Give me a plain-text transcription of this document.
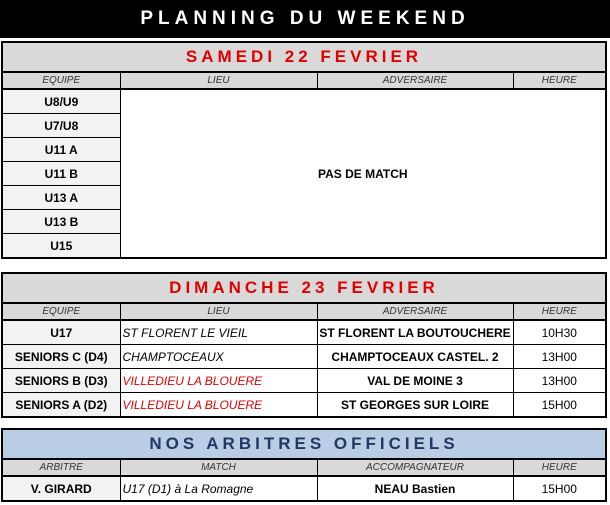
PLANNING DU WEEKEND
SAMEDI 22 FEVRIER
EQUIPE	LIEU	ADVERSAIRE	HEURE
U8/U9	PAS DE MATCH		
U7/U8			
U11 A			
U11 B			
U13 A			
U13 B			
U15			
DIMANCHE 23 FEVRIER
EQUIPE	LIEU	ADVERSAIRE	HEURE
U17	ST FLORENT LE VIEIL	ST FLORENT LA BOUTOUCHERE	10H30
SENIORS C (D4)	CHAMPTOCEAUX	CHAMPTOCEAUX CASTEL. 2	13H00
SENIORS B (D3)	VILLEDIEU LA BLOUERE	VAL DE MOINE 3	13H00
SENIORS A (D2)	VILLEDIEU LA BLOUERE	ST GEORGES SUR LOIRE	15H00
NOS ARBITRES OFFICIELS
ARBITRE	MATCH	ACCOMPAGNATEUR	HEURE
V. GIRARD	U17 (D1) à La Romagne	NEAU Bastien	15H00
